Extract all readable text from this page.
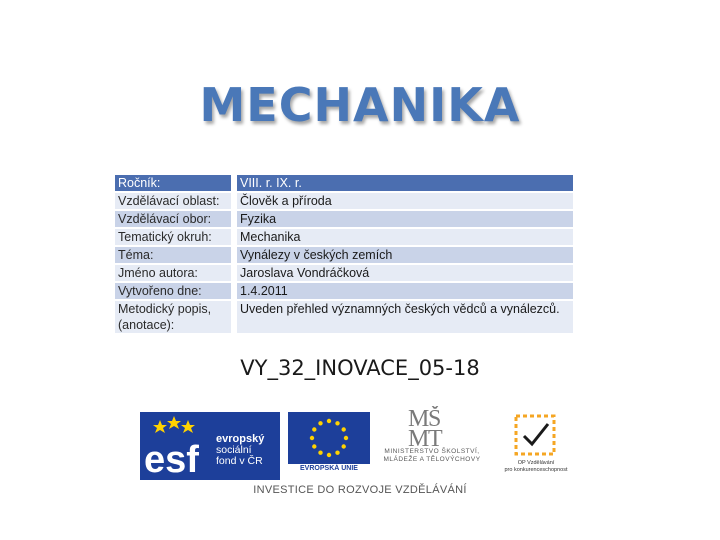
MECHANIKA
Ročník:	VIII. r. IX. r.
Vzdělávací oblast:	Člověk a příroda
Vzdělávací obor:	Fyzika
Tematický okruh:	Mechanika
Téma:	Vynálezy v českých zemích
Jméno autora:	Jaroslava Vondráčková
Vytvořeno dne:	1.4.2011
Metodický popis, (anotace):	Uveden přehled významných českých vědců a vynálezců.

VY_32_INOVACE_05-18

esf evropský
sociální
fond v ČR
EVROPSKÁ UNIE
M
Š
M
T
MINISTERSTVO ŠKOLSTVÍ,
MLÁDEŽE A TĚLOVÝCHOVY	OP Vzdělávání
pro konkurenceschopnost
INVESTICE DO ROZVOJE VZDĚLÁVÁNÍ
